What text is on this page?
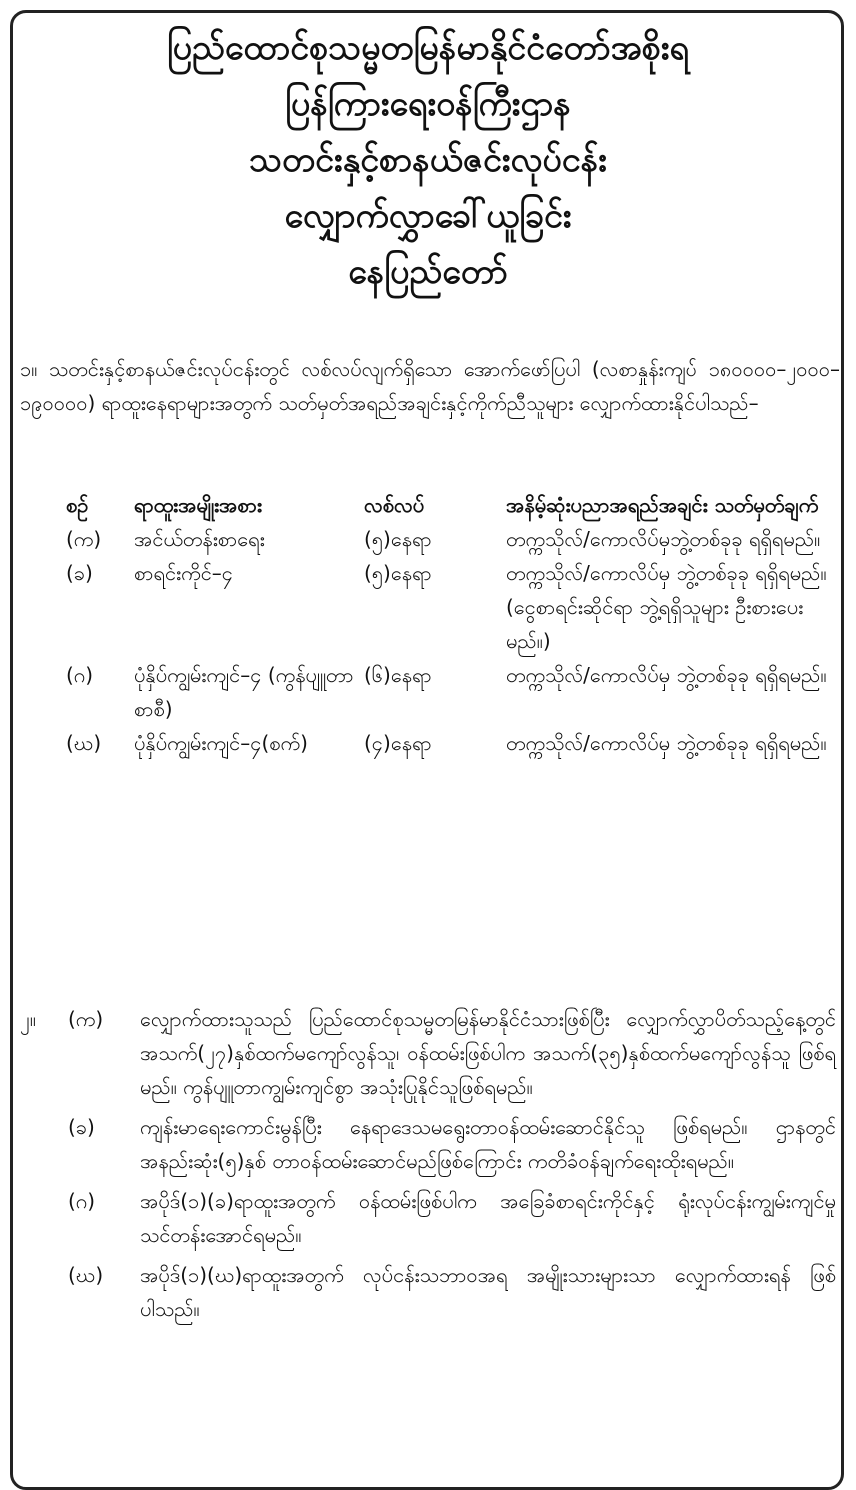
ပြည်ထောင်စုသမ္မတမြန်မာနိုင်ငံတော်အစိုးရ
ပြန်ကြားရေးဝန်ကြီးဌာန
သတင်းနှင့်စာနယ်ဇင်းလုပ်ငန်း
လျှောက်လွှာခေါ်ယူခြင်း
နေပြည်တော်

၁။ သတင်းနှင့်စာနယ်ဇင်းလုပ်ငန်းတွင် လစ်လပ်လျက်ရှိသော အောက်ဖော်ပြပါ (လစာနှုန်းကျပ် ၁၈၀၀၀၀–၂၀၀၀–၁၉၀၀၀၀) ရာထူးနေရာများအတွက် သတ်မှတ်အရည်အချင်းနှင့်ကိုက်ညီသူများ လျှောက်ထားနိုင်ပါသည်–

စဉ်	ရာထူးအမျိုးအစား	လစ်လပ်	အနိမ့်ဆုံးပညာအရည်အချင်း သတ်မှတ်ချက်
(က)	အင်ယ်တန်းစာရေး	(၅)နေရာ	တက္ကသိုလ်/ကောလိပ်မှဘွဲ့တစ်ခုခု ရရှိရမည်။
(ခ)	စာရင်းကိုင်–၄	(၅)နေရာ	တက္ကသိုလ်/ကောလိပ်မှ ဘွဲ့တစ်ခုခု ရရှိရမည်။
(ငွေစာရင်းဆိုင်ရာ ဘွဲ့ရရှိသူများ ဦးစားပေးမည်။)

(ဂ)	ပုံနှိပ်ကျွမ်းကျင်–၄ (ကွန်ပျူတာစာစီ)	(၆)နေရာ	တက္ကသိုလ်/ကောလိပ်မှ ဘွဲ့တစ်ခုခု ရရှိရမည်။
(ဃ)	ပုံနှိပ်ကျွမ်းကျင်–၄(စက်)	(၄)နေရာ	တက္ကသိုလ်/ကောလိပ်မှ ဘွဲ့တစ်ခုခု ရရှိရမည်။
၂။	(က)	လျှောက်ထားသူသည် ပြည်ထောင်စုသမ္မတမြန်မာနိုင်ငံသားဖြစ်ပြီး လျှောက်လွှာပိတ်သည့်နေ့တွင် အသက်(၂၇)နှစ်ထက်မကျော်လွန်သူ၊ ဝန်ထမ်းဖြစ်ပါက အသက်(၃၅)နှစ်ထက်မကျော်လွန်သူ ဖြစ်ရမည်။ ကွန်ပျူတာကျွမ်းကျင်စွာ အသုံးပြုနိုင်သူဖြစ်ရမည်။
(ခ)	ကျန်းမာရေးကောင်းမွန်ပြီး နေရာဒေသမရွေးတာဝန်ထမ်းဆောင်နိုင်သူ ဖြစ်ရမည်။ ဌာနတွင် အနည်းဆုံး(၅)နှစ် တာဝန်ထမ်းဆောင်မည်ဖြစ်ကြောင်း ကတိခံဝန်ချက်ရေးထိုးရမည်။
(ဂ)	အပိုဒ်(၁)(ခ)ရာထူးအတွက် ဝန်ထမ်းဖြစ်ပါက အခြေခံစာရင်းကိုင်နှင့် ရုံးလုပ်ငန်းကျွမ်းကျင်မှု သင်တန်းအောင်ရမည်။
(ဃ)	အပိုဒ်(၁)(ဃ)ရာထူးအတွက် လုပ်ငန်းသဘာဝအရ အမျိုးသားများသာ လျှောက်ထားရန် ဖြစ်ပါသည်။
